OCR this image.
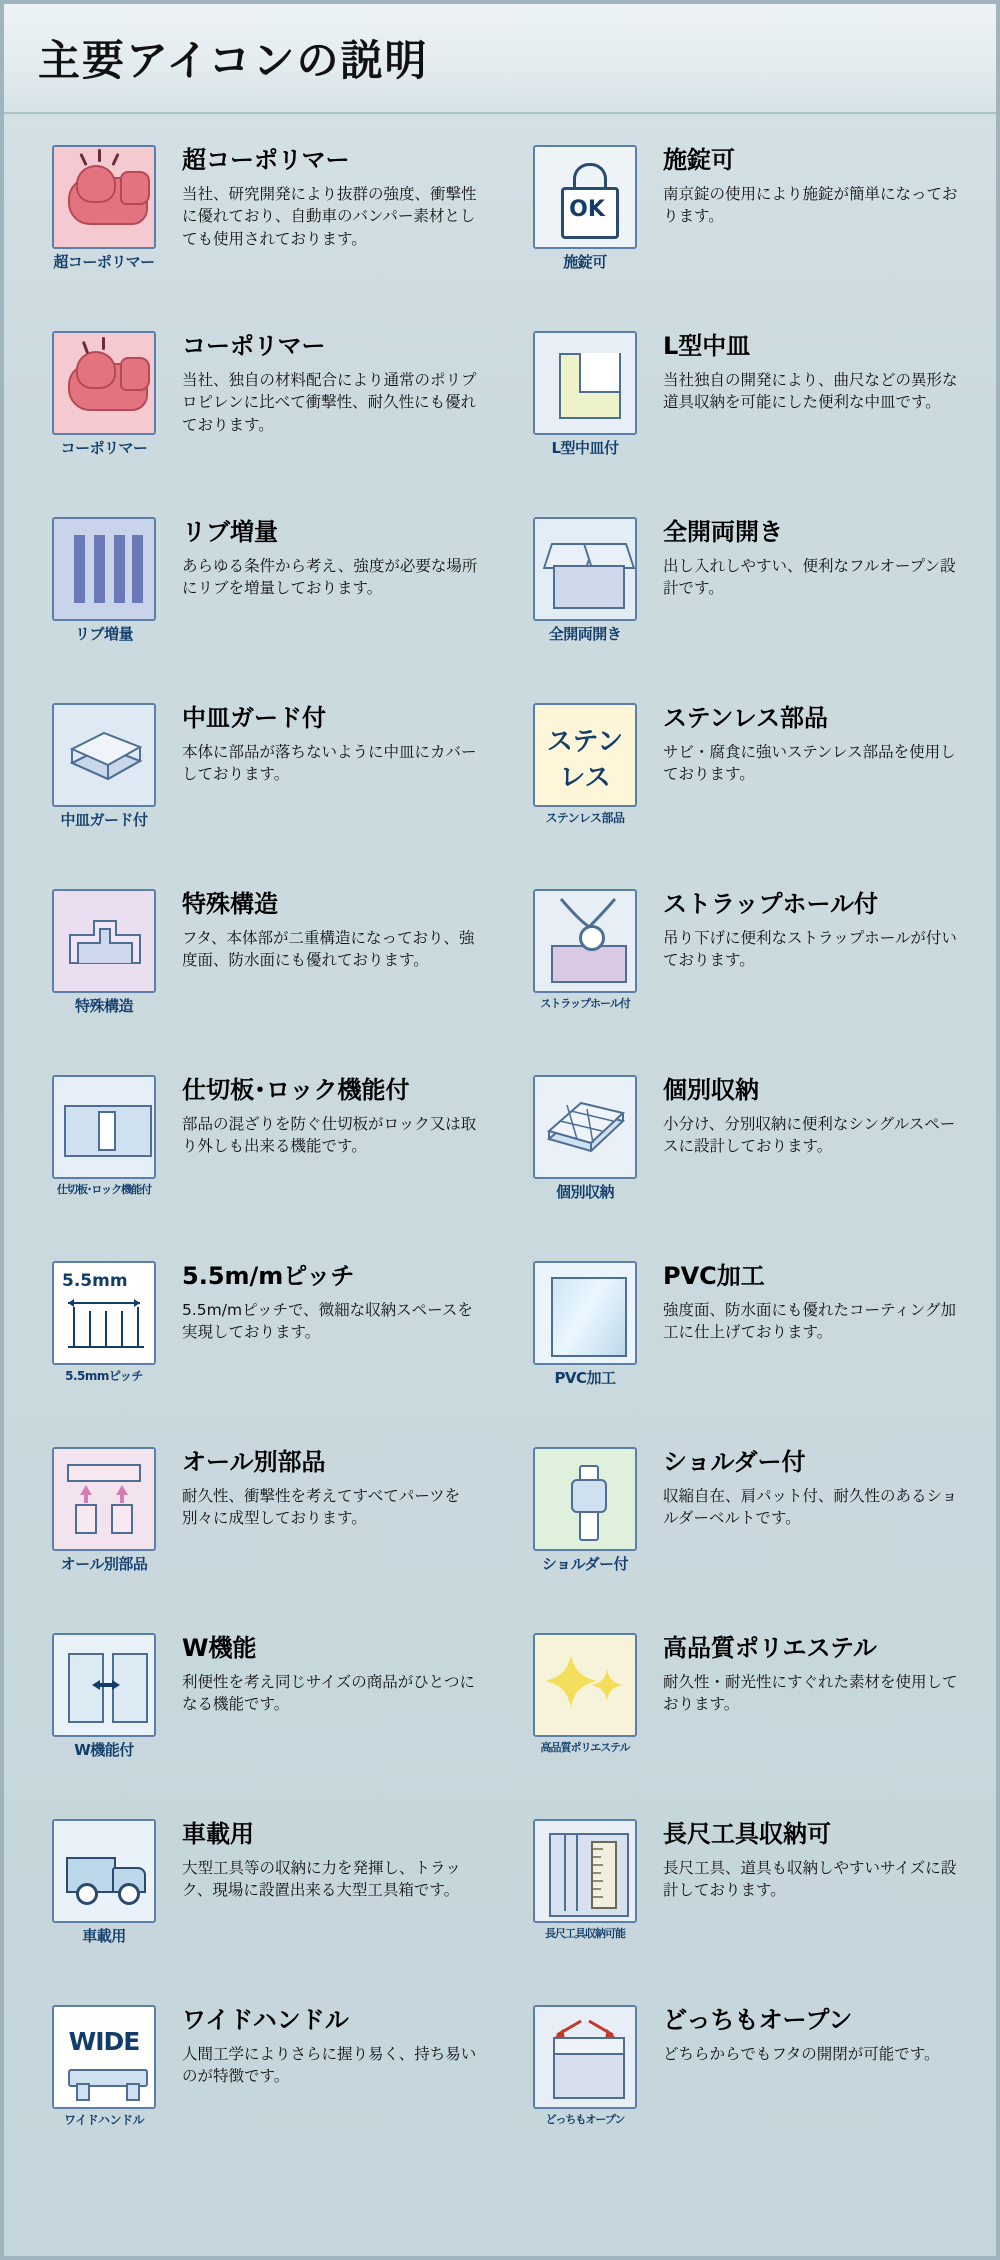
主要アイコンの説明
超コーポリマー

超コーポリマー

当社、研究開発により抜群の強度、衝撃性に優れており、自動車のバンパー素材としても使用されております。

OK
施錠可

施錠可

南京錠の使用により施錠が簡単になっております。

コーポリマー

コーポリマー

当社、独自の材料配合により通常のポリプロピレンに比べて衝撃性、耐久性にも優れております。

L型中皿付

L型中皿

当社独自の開発により、曲尺などの異形な道具収納を可能にした便利な中皿です。

リブ増量

リブ増量

あらゆる条件から考え、強度が必要な場所にリブを増量しております。

全開両開き

全開両開き

出し入れしやすい、便利なフルオープン設計です。

中皿ガード付

中皿ガード付

本体に部品が落ちないように中皿にカバーしております。

ステン
レス
ステンレス部品

ステンレス部品

サビ・腐食に強いステンレス部品を使用しております。

特殊構造

特殊構造

フタ、本体部が二重構造になっており、強度面、防水面にも優れております。

ストラップホール付

ストラップホール付

吊り下げに便利なストラップホールが付いております。

仕切板･ロック機能付

仕切板･ロック機能付

部品の混ざりを防ぐ仕切板がロック又は取り外しも出来る機能です。

個別収納

個別収納

小分け、分別収納に便利なシングルスペースに設計しております。

5.5mm
5.5mmピッチ

5.5m/mピッチ

5.5m/mピッチで、微細な収納スペースを実現しております。

PVC加工

PVC加工

強度面、防水面にも優れたコーティング加工に仕上げております。

オール別部品

オール別部品

耐久性、衝撃性を考えてすべてパーツを別々に成型しております。

ショルダー付

ショルダー付

収縮自在、肩パット付、耐久性のあるショルダーベルトです。

W機能付

W機能

利便性を考え同じサイズの商品がひとつになる機能です。

高品質ポリエステル

高品質ポリエステル

耐久性・耐光性にすぐれた素材を使用しております。

車載用

車載用

大型工具等の収納に力を発揮し、トラック、現場に設置出来る大型工具箱です。

長尺工具収納可能

長尺工具収納可

長尺工具、道具も収納しやすいサイズに設計しております。

WIDE
ワイドハンドル

ワイドハンドル

人間工学によりさらに握り易く、持ち易いのが特徴です。

どっちもオープン

どっちもオープン

どちらからでもフタの開閉が可能です。
